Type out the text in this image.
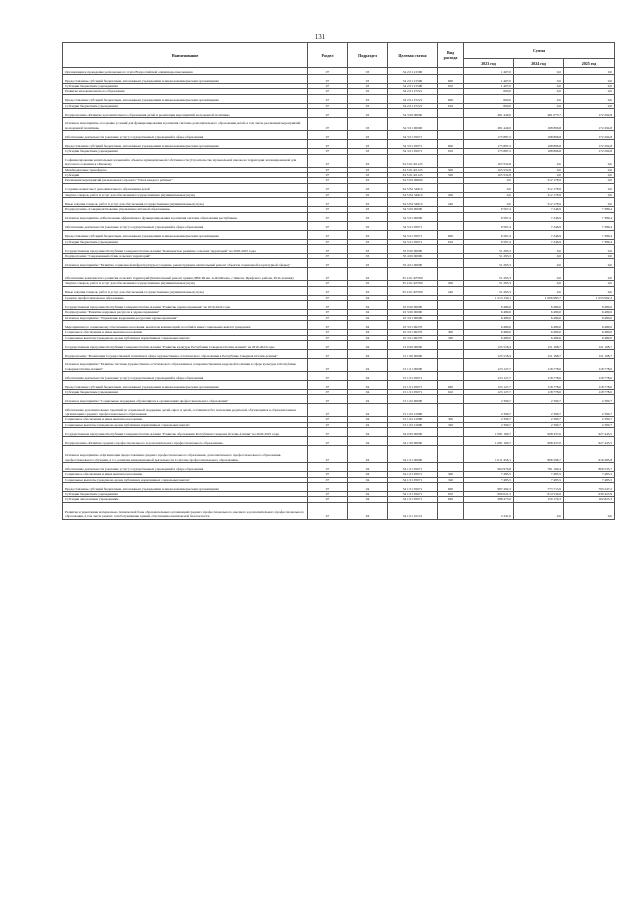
131
Наименование	Раздел	Подраздел	Целевая статья	Вид расхода	Сумма		
					2023 год	2024 год	2025 год
Организация и проведение регионального этапа Всероссийской олимпиады школьников	07	03	34 2 01 21590		1 407,0	0,0	0,0
Предоставление субсидий бюджетным, автономным учреждениям и иным некоммерческим организациям	07	03	34 2 01 21590	600	1 407,0	0,0	0,0
Субсидии бюджетным учреждениям	07	03	34 2 01 21590	610	1 407,0	0,0	0,0
Развитие малокомплектного образования	07	03	34 2 01 27221		600,0	0,0	0,0
Предоставление субсидий бюджетным, автономным учреждениям и иным некоммерческим организациям	07	03	34 2 01 27221	600	600,0	0,0	0,0
Субсидии бюджетным учреждениям	07	03	34 2 01 27221	610	600,0	0,0	0,0
Подпрограмма «Развитие дополнительного образования детей и реализация мероприятий молодежной политики»	07	03	34 3 00 00000		281 440,0	481 075,7	172 294,8
Основное мероприятие «Создание условий для функционирования и развития системы дополнительного образования детей, в том числе реализация мероприятий молодежной политики»	07	03	34 3 01 00000		281 440,0	168 896,8	172 294,8
Обеспечение деятельности (оказание услуг) государственных учреждений в сфере образования	07	03	34 3 01 05071		175 887,2	168 896,8	172 294,8
Предоставление субсидий бюджетным, автономным учреждениям и иным некоммерческим организациям	07	03	34 3 01 05071	600	175 887,2	168 896,8	172 294,8
Субсидии бюджетным учреждениям	07	03	34 3 01 05071	610	175 887,2	168 896,8	172 294,8
Софинансирование капитальных вложений в объекты муниципальной собственности (Строительство музыкальной школы на территории запланированной для массового освоения в г.Кызыле)	07	03	34 3 01 R1123		105 552,8	0,0	0,0
Межбюджетные трансферты	07	03	34 3 01 R1123	500	105 552,8	0,0	0,0
Субсидии	07	03	34 3 01 R1123	520	105 552,8	0,0	0,0
Реализация мероприятий регионального проекта "Успех каждого ребенка"	07	03	34 3 E2 00000		0,0	312 178,9	0,0
Создание новых мест дополнительного образования детей	07	03	34 3 E2 54910		0,0	312 178,9	0,0
Закупка товаров, работ и услуг для обеспечения государственных (муниципальных) нужд	07	03	34 3 E2 54910	200	0,0	312 178,9	0,0
Иные закупки товаров, работ и услуг для обеспечения государственных (муниципальных) нужд	07	03	34 3 E2 54910	240	0,0	312 178,9	0,0
Подпрограмма «Совершенствование управления системой образования»	07	03	34 5 00 00000		9 567,4	7 246,9	7 389,4
Основное мероприятие «Обеспечение эффективного функционирования и развития системы образования республики»	07	03	34 5 01 00000		9 567,4	7 246,9	7 389,4
Обеспечение деятельности (оказание услуг) государственных учреждений в сфере образования	07	03	34 5 01 05071		9 567,4	7 246,9	7 389,4
Предоставление субсидий бюджетным, автономным учреждениям и иным некоммерческим организациям	07	03	34 5 01 05071	600	9 567,4	7 246,9	7 389,4
Субсидии бюджетным учреждениям	07	03	34 5 01 05071	610	9 567,4	7 246,9	7 389,4
Государственная программа Республики Северная Осетия-Алания "Комплексное развитие сельских территорий" на 2020-2025 годы	07	03	35 0 00 00000		51 293,3	0,0	0,0
Подпрограмма "Современный облик сельских территорий"	07	03	35 4 00 00000		51 293,3	0,0	0,0
Основное мероприятие "Развитие социальной инфраструктуры (создание, реконструкция, капитальный ремонт объектов социальной и культурной сферы)"	07	03	35 4 01 00000		51 293,3	0,0	0,0
Обеспечение комплексного развития сельских территорий (Капитальный ремонт здания ДЮСШ им. А.Ф.Шахова, с.Чикола, Ирафского района, РСО-Алания)	07	03	35 4 01 R5760		51 293,3	0,0	0,0
Закупка товаров, работ и услуг для обеспечения государственных (муниципальных) нужд	07	03	35 4 01 R5760	200	51 293,3	0,0	0,0
Иные закупки товаров, работ и услуг для обеспечения государственных (муниципальных) нужд	07	03	35 4 01 R5760	240	51 293,3	0,0	0,0
Среднее профессиональное образование	07	04			1 213 159,1	1 006 985,7	1 055 692,2
Государственная программа Республики Северная Осетия-Алания "Развитие здравоохранения" на 2016-2024 годы	07	04	10 0 00 00000		6 480,0	6 480,0	6 480,0
Подпрограмма "Развитие кадровых ресурсов в здравоохранении"	07	04	10 3 00 00000		6 480,0	6 480,0	6 480,0
Основное мероприятие "Управление кадровыми ресурсами здравоохранения"	07	04	10 3 01 00000		6 480,0	6 480,0	6 480,0
Мероприятия по социальному обеспечению населения, выплатам компенсаций, пособий и иных социальных выплат гражданам	07	04	10 3 01 00270		6 480,0	6 480,0	6 480,0
Социальное обеспечение и иные выплаты населению	07	04	10 3 01 00270	300	6 480,0	6 480,0	6 480,0
Социальные выплаты гражданам, кроме публичных нормативных социальных выплат	07	04	10 3 01 00270	320	6 480,0	6 480,0	6 480,0
Государственная программа Республики Северная Осетия-Алания "Развитие культуры Республики Северная Осетия-Алания" на 2016-2024 годы	07	04	15 0 00 00000		125 518,4	121 168,7	121 168,7
Подпрограмма "Реализация государственной политики в сфере художественно-эстетического образования в Республике Северная Осетия-Алания"	07	04	15 1 00 00000		125 518,4	121 168,7	121 168,7
Основное мероприятие "Развитие системы художественно-эстетического образования и совершенствование кадровой политики в сфере культуры в Республике Северная Осетия-Алания"	07	04	15 1 01 00000		123 127,7	118 778,0	118 778,0
Обеспечение деятельности (оказание услуг) государственных учреждений в сфере образования	07	04	15 1 01 05071		123 127,7	118 778,0	118 778,0
Предоставление субсидий бюджетным, автономным учреждениям и иным некоммерческим организациям	07	04	15 1 01 05071	600	123 127,7	118 778,0	118 778,0
Субсидии бюджетным учреждениям	07	04	15 1 01 05071	610	123 127,7	118 778,0	118 778,0
Основное мероприятие "Социальные поддержка обучающихся в организациях профессионального образования"	07	04	15 1 02 00000		2 390,7	2 390,7	2 390,7
Обеспечение дополнительных гарантий по социальной поддержке детей-сирот и детей, оставшихся без попечения родителей, обучающихся в образовательных организациях среднего профессионального образования	07	04	15 1 02 21990		2 390,7	2 390,7	2 390,7
Социальное обеспечение и иные выплаты населению	07	04	15 1 02 21990	300	2 390,7	2 390,7	2 390,7
Социальные выплаты гражданам, кроме публичных нормативных социальных выплат	07	04	15 1 02 21990	320	2 390,7	2 390,7	2 390,7
Государственная программа Республики Северная Осетия-Алания "Развитие образования Республики Северная Осетия-Алания" на 2020-2025 годы	07	04	34 0 00 00000		1 081 160,7	908 437,0	927 443,5
Подпрограмма «Развитие среднего профессионального и дополнительного профессионального образования»	07	04	34 1 00 00000		1 081 160,7	908 437,0	927 443,5
Основное мероприятие «Организация предоставления среднего профессионального образования, дополнительного профессионального образования, профессионального обучения, в т.ч. развитие инновационной деятельности в системе профессионального образования»	07	04	34 1 01 00000		1 011 456,1	896 596,7	916 285,8
Обеспечение деятельности (оказание услуг) государственных учреждений в сфере образования	07	04	34 1 01 05071		994 976,8	781 169,4	800 535,7
Социальное обеспечение и иные выплаты населению	07	04	34 1 01 05071	300	7 483,5	7 485,5	7 485,5
Социальные выплаты гражданам, кроме публичных нормативных социальных выплат	07	04	34 1 01 05071	320	7 483,5	7 485,5	7 485,5
Предоставление субсидий бюджетным, автономным учреждениям и иным некоммерческим организациям	07	04	34 1 01 05071	600	987 494,3	773 713,9	793 247,2
Субсидии бюджетным учреждениям	07	04	34 1 01 05071	610	699 021,3	614 534,6	630 423,9
Субсидии автономным учреждениям	07	04	34 1 01 05071	620	288 473,0	159 179,3	162 823,3
Развитие и укрепление материально-технической базы образовательных организаций среднего профессионального, высшего и дополнительного профессионального образования, в том числе ремонт, техобслуживание зданий, обеспечение комплексной безопасности	07	04	34 1 01 10121		2 341,0	0,0	0,0
